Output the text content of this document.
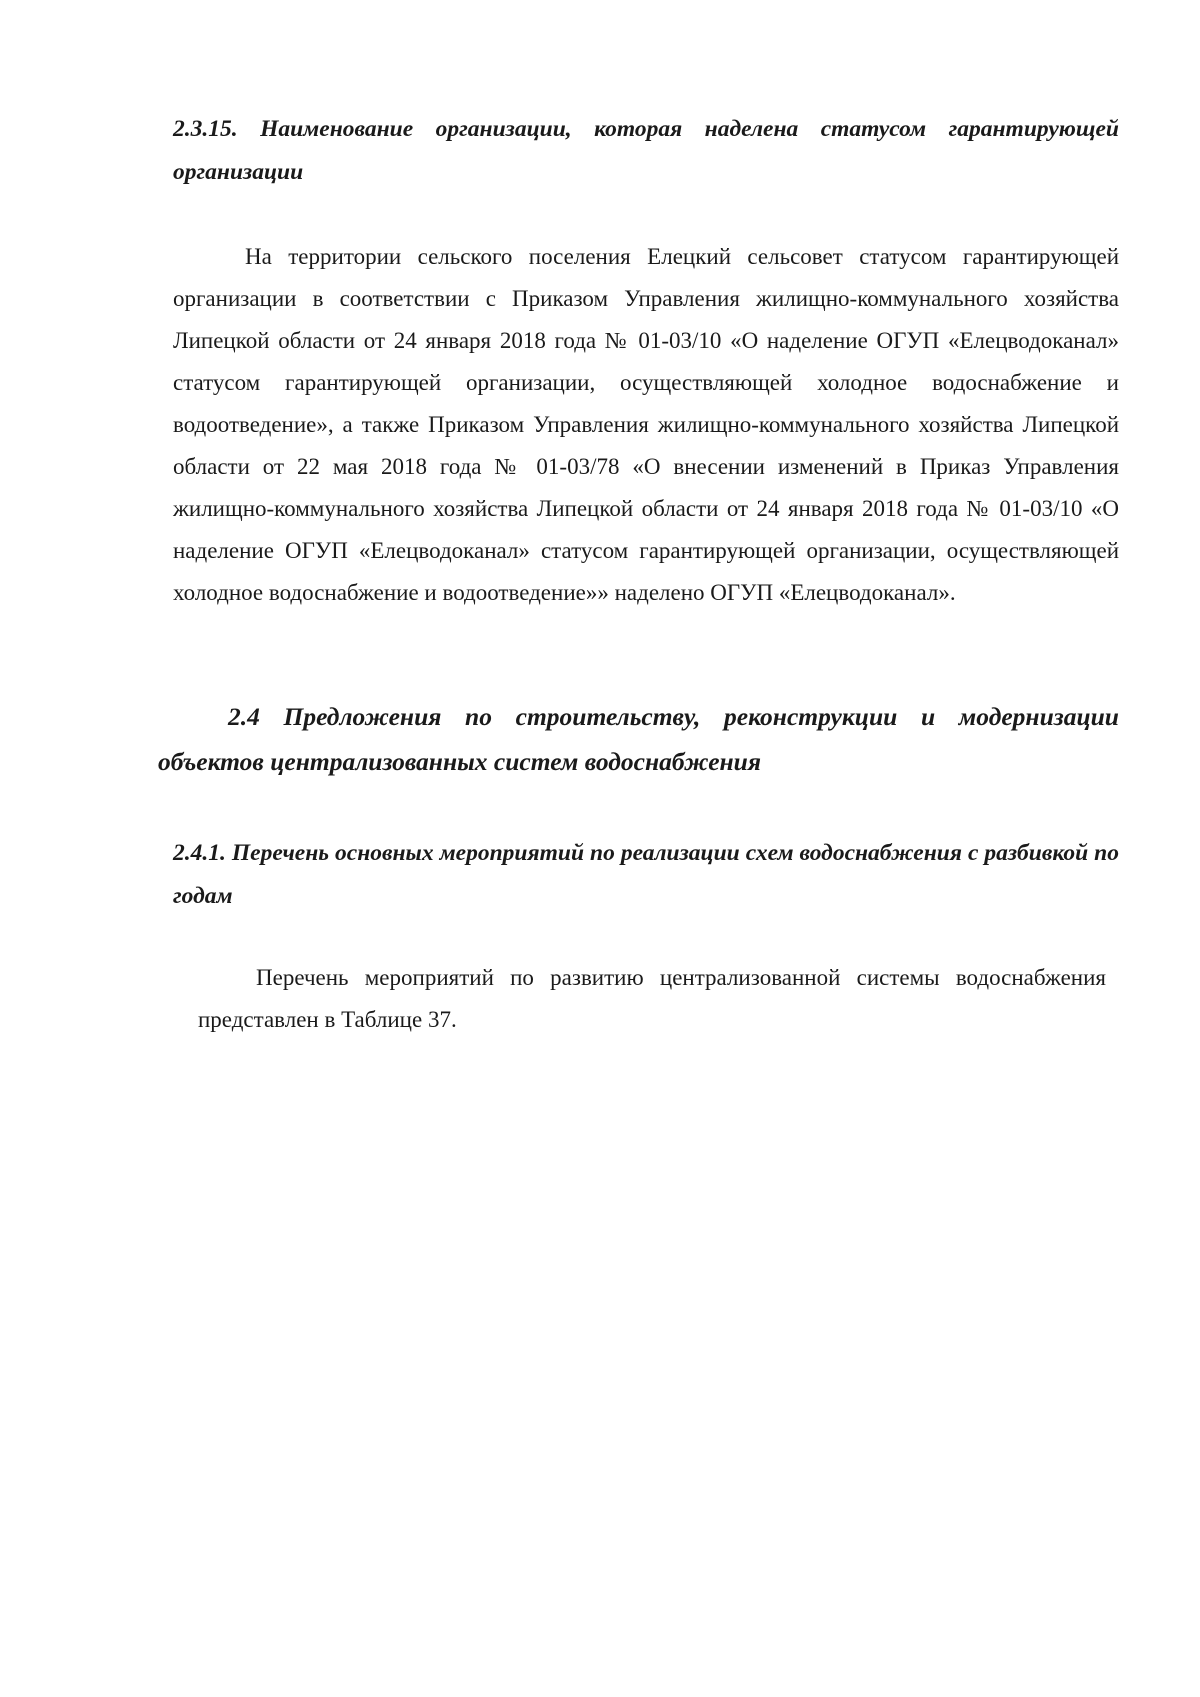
2.3.15. Наименование организации, которая наделена статусом гарантирующей организации
На территории сельского поселения Елецкий сельсовет статусом гарантирующей организации в соответствии с Приказом Управления жилищно-коммунального хозяйства Липецкой области от 24 января 2018 года № 01-03/10 «О наделение ОГУП «Елецводоканал» статусом гарантирующей организации, осуществляющей холодное водоснабжение и водоотведение», а также Приказом Управления жилищно-коммунального хозяйства Липецкой области от 22 мая 2018 года № 01-03/78 «О внесении изменений в Приказ Управления жилищно-коммунального хозяйства Липецкой области от 24 января 2018 года № 01-03/10 «О наделение ОГУП «Елецводоканал» статусом гарантирующей организации, осуществляющей холодное водоснабжение и водоотведение»» наделено ОГУП «Елецводоканал».
2.4 Предложения по строительству, реконструкции и модернизации объектов централизованных систем водоснабжения
2.4.1. Перечень основных мероприятий по реализации схем водоснабжения с разбивкой по годам
Перечень мероприятий по развитию централизованной системы водоснабжения представлен в Таблице 37.
